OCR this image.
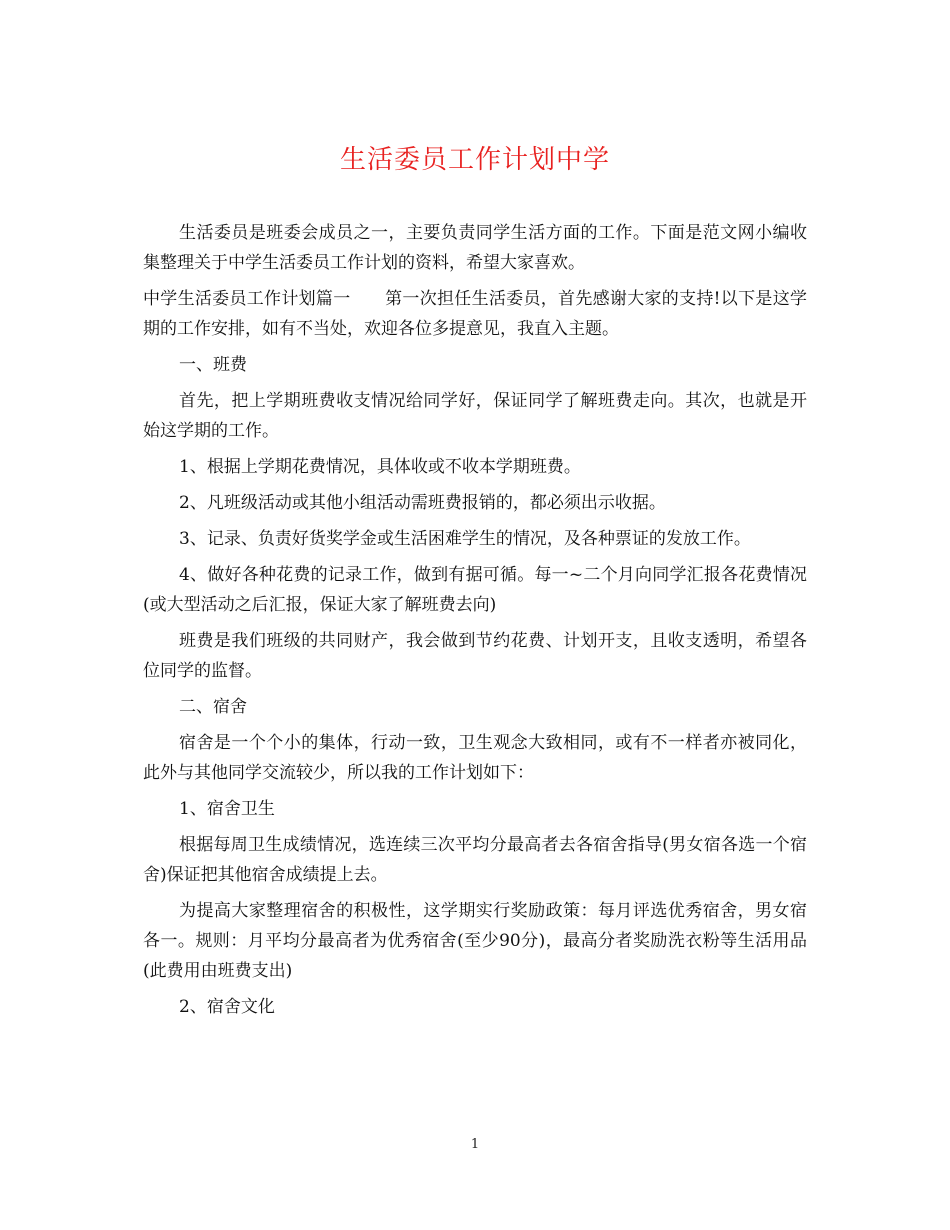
生活委员工作计划中学

生活委员是班委会成员之一，主要负责同学生活方面的工作。下面是范文网小编收集整理关于中学生活委员工作计划的资料，希望大家喜欢。

中学生活委员工作计划篇一　　第一次担任生活委员，首先感谢大家的支持!以下是这学期的工作安排，如有不当处，欢迎各位多提意见，我直入主题。

一、班费

首先，把上学期班费收支情况给同学好，保证同学了解班费走向。其次，也就是开始这学期的工作。

1、根据上学期花费情况，具体收或不收本学期班费。

2、凡班级活动或其他小组活动需班费报销的，都必须出示收据。

3、记录、负责好货奖学金或生活困难学生的情况，及各种票证的发放工作。

4、做好各种花费的记录工作，做到有据可循。每一~二个月向同学汇报各花费情况(或大型活动之后汇报，保证大家了解班费去向)

班费是我们班级的共同财产，我会做到节约花费、计划开支，且收支透明，希望各位同学的监督。

二、宿舍

宿舍是一个个小的集体，行动一致，卫生观念大致相同，或有不一样者亦被同化，此外与其他同学交流较少，所以我的工作计划如下：

1、宿舍卫生

根据每周卫生成绩情况，选连续三次平均分最高者去各宿舍指导(男女宿各选一个宿舍)保证把其他宿舍成绩提上去。

为提高大家整理宿舍的积极性，这学期实行奖励政策：每月评选优秀宿舍，男女宿各一。规则：月平均分最高者为优秀宿舍(至少90分)，最高分者奖励洗衣粉等生活用品(此费用由班费支出)

2、宿舍文化

1
